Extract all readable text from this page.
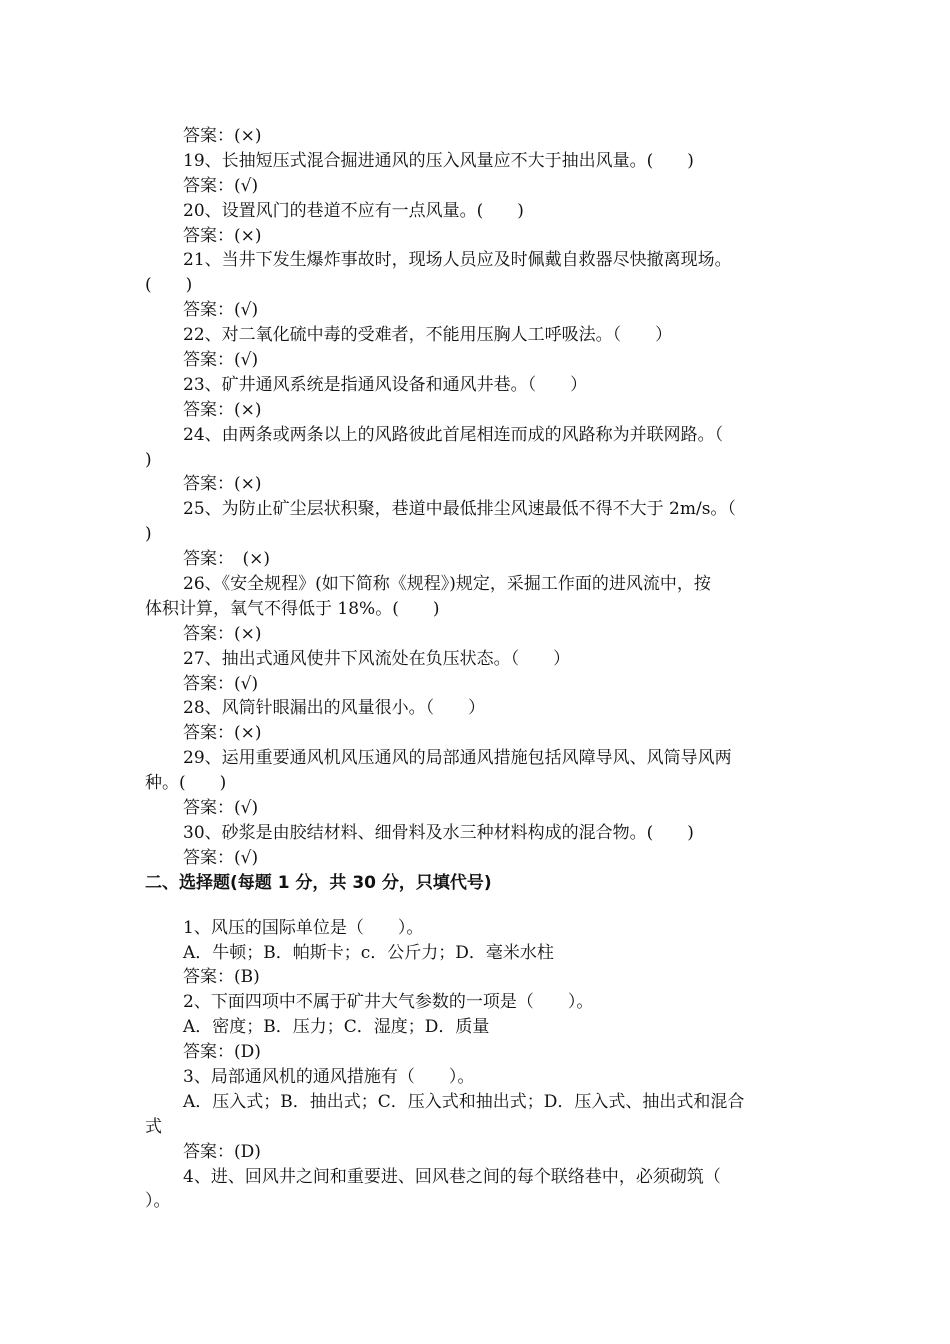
答案：(×)
19、长抽短压式混合掘进通风的压入风量应不大于抽出风量。(　　)
答案：(√)
20、设置风门的巷道不应有一点风量。(　　)
答案：(×)
21、当井下发生爆炸事故时，现场人员应及时佩戴自救器尽快撤离现场。
(　　)
答案：(√)
22、对二氧化硫中毒的受难者，不能用压胸人工呼吸法。（　　）
答案：(√)
23、矿井通风系统是指通风设备和通风井巷。（　　）
答案：(×)
24、由两条或两条以上的风路彼此首尾相连而成的风路称为并联网路。（
)
答案：(×)
25、为防止矿尘层状积聚，巷道中最低排尘风速最低不得不大于 2m/s。（
)
答案：　(×)
26、《安全规程》(如下简称《规程》)规定，采掘工作面的进风流中，按
体积计算，氧气不得低于 18%。(　　)
答案：(×)
27、抽出式通风使井下风流处在负压状态。（　　）
答案：(√)
28、风筒针眼漏出的风量很小。（　　）
答案：(×)
29、运用重要通风机风压通风的局部通风措施包括风障导风、风筒导风两
种。(　　)
答案：(√)
30、砂浆是由胶结材料、细骨料及水三种材料构成的混合物。(　　)
答案：(√)
二、选择题(每题 1 分，共 30 分，只填代号)
1、风压的国际单位是（　　）。
A．牛顿；B．帕斯卡；c．公斤力；D．毫米水柱
答案：(B)
2、下面四项中不属于矿井大气参数的一项是（　　）。
A．密度；B．压力；C．湿度；D．质量
答案：(D)
3、局部通风机的通风措施有（　　）。
A．压入式；B．抽出式；C．压入式和抽出式；D．压入式、抽出式和混合
式
答案：(D)
4、进、回风井之间和重要进、回风巷之间的每个联络巷中，必须砌筑（
）。
